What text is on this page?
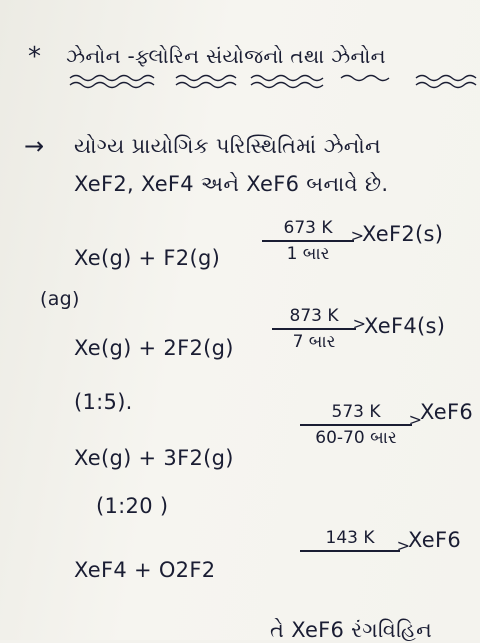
* ઝેનોન -ફ્લોરિન સંયોજનો તથા ઝેનોન
→ યોગ્ય પ્રાયોગિક પરિસ્થિતિમાં ઝેનોન
XeF2, XeF4 અને XeF6 બનાવે છે.
Xe(g) + F2(g)
673 K
1 બાર
>
XeF2(s)
(ag)
Xe(g) + 2F2(g)
873 K
7 બાર
>
XeF4(s)
(1:5).
Xe(g) + 3F2(g)
573 K
60-70 બાર
>
XeF6
(1:20 )
XeF4 + O2F2
143 K	>
XeF6
તે XeF6 રંગવિહિન
